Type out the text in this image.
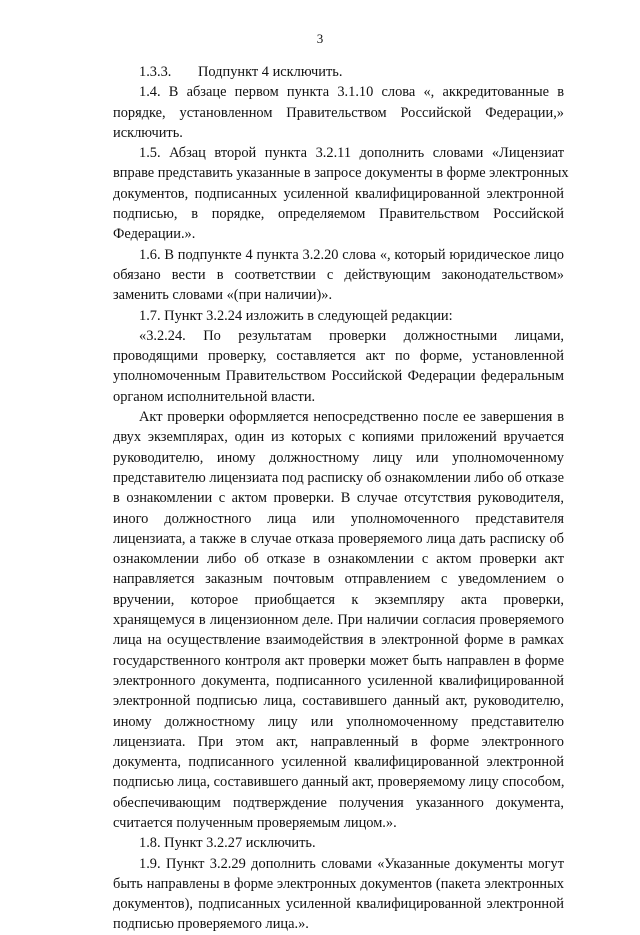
3
1.3.3. Подпункт 4 исключить.
1.4. В абзаце первом пункта 3.1.10 слова «, аккредитованные в
порядке, установленном Правительством Российской Федерации,»
исключить.
1.5. Абзац второй пункта 3.2.11 дополнить словами «Лицензиат
вправе представить указанные в запросе документы в форме электронных
документов, подписанных усиленной квалифицированной электронной
подписью, в порядке, определяемом Правительством Российской
Федерации.».
1.6. В подпункте 4 пункта 3.2.20 слова «, который юридическое лицо
обязано вести в соответствии с действующим законодательством»
заменить словами «(при наличии)».
1.7. Пункт 3.2.24 изложить в следующей редакции:
«3.2.24. По результатам проверки должностными лицами,
проводящими проверку, составляется акт по форме, установленной
уполномоченным Правительством Российской Федерации федеральным
органом исполнительной власти.
Акт проверки оформляется непосредственно после ее завершения в
двух экземплярах, один из которых с копиями приложений вручается
руководителю, иному должностному лицу или уполномоченному
представителю лицензиата под расписку об ознакомлении либо об отказе
в ознакомлении с актом проверки. В случае отсутствия руководителя,
иного должностного лица или уполномоченного представителя
лицензиата, а также в случае отказа проверяемого лица дать расписку об
ознакомлении либо об отказе в ознакомлении с актом проверки акт
направляется заказным почтовым отправлением с уведомлением о
вручении, которое приобщается к экземпляру акта проверки,
хранящемуся в лицензионном деле. При наличии согласия проверяемого
лица на осуществление взаимодействия в электронной форме в рамках
государственного контроля акт проверки может быть направлен в форме
электронного документа, подписанного усиленной квалифицированной
электронной подписью лица, составившего данный акт, руководителю,
иному должностному лицу или уполномоченному представителю
лицензиата. При этом акт, направленный в форме электронного
документа, подписанного усиленной квалифицированной электронной
подписью лица, составившего данный акт, проверяемому лицу способом,
обеспечивающим подтверждение получения указанного документа,
считается полученным проверяемым лицом.».
1.8. Пункт 3.2.27 исключить.
1.9. Пункт 3.2.29 дополнить словами «Указанные документы могут
быть направлены в форме электронных документов (пакета электронных
документов), подписанных усиленной квалифицированной электронной
подписью проверяемого лица.».
